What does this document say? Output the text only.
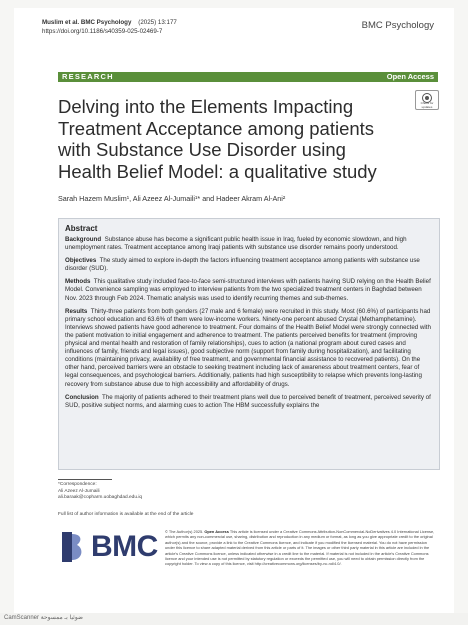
Muslim et al. BMC Psychology (2025) 13:177
https://doi.org/10.1186/s40359-025-02469-7	BMC Psychology
RESEARCH	Open Access
Check for updates
Delving into the Elements Impacting Treatment Acceptance among patients with Substance Use Disorder using Health Belief Model: a qualitative study
Sarah Hazem Muslim¹, Ali Azeez Al-Jumaili¹* and Hadeer Akram Al-Ani²
Abstract

Background Substance abuse has become a significant public health issue in Iraq, fueled by economic slowdown, and high unemployment rates. Treatment acceptance among Iraqi patients with substance use disorder remains poorly understood.

Objectives The study aimed to explore in-depth the factors influencing treatment acceptance among patients with substance use disorder (SUD).

Methods This qualitative study included face-to-face semi-structured interviews with patients having SUD relying on the Health Belief Model. Convenience sampling was employed to interview patients from the two specialized treatment centers in Baghdad between Nov. 2023 through Feb 2024. Thematic analysis was used to identify recurring themes and sub-themes.

Results Thirty-three patients from both genders (27 male and 6 female) were recruited in this study. Most (60.6%) of participants had primary school education and 63.6% of them were low-income workers. Ninety-one percent abused Crystal (Methamphetamine). Interviews showed patients have good adherence to treatment. Four domains of the Health Belief Model were strongly connected with the patient motivation to initial engagement and adherence to treatment. The patients perceived benefits for treatment (improving physical and mental health and restoration of family relationships), cues to action (a national program about cured cases and influences of family, friends and legal issues), good subjective norm (support from family during hospitalization), and facilitating conditions (maintaining privacy, availability of free treatment, and governmental financial assistance to recovered patients). On the other hand, perceived barriers were an obstacle to seeking treatment including lack of awareness about treatment centers, fear of legal consequences, and psychological barriers. Additionally, patients had high susceptibility to relapse which prevents long-lasting recovery from substance abuse due to high accessibility and affordability of drugs.

Conclusion The majority of patients adhered to their treatment plans well due to perceived benefit of treatment, perceived severity of SUD, positive subject norms, and alarming cues to action The HBM successfully explains the

*Correspondence:
Ali Azeez Al-Jumaili
ali.baraak@copharm.uobaghdad.edu.iq
Full list of author information is available at the end of the article
BMC © The Author(s) 2025. Open Access This article is licensed under a Creative Commons Attribution-NonCommercial-NoDerivatives 4.0 International License, which permits any non-commercial use, sharing, distribution and reproduction in any medium or format, as long as you give appropriate credit to the original author(s) and the source, provide a link to the Creative Commons licence, and indicate if you modified the licensed material. You do not have permission under this licence to share adapted material derived from this article or parts of it. The images or other third party material in this article are included in the article's Creative Commons licence, unless indicated otherwise in a credit line to the material. If material is not included in the article's Creative Commons licence and your intended use is not permitted by statutory regulation or exceeds the permitted use, you will need to obtain permission directly from the copyright holder. To view a copy of this licence, visit http://creativecommons.org/licenses/by-nc-nd/4.0/.
CamScanner ضوئيا بـ ممسوحة
